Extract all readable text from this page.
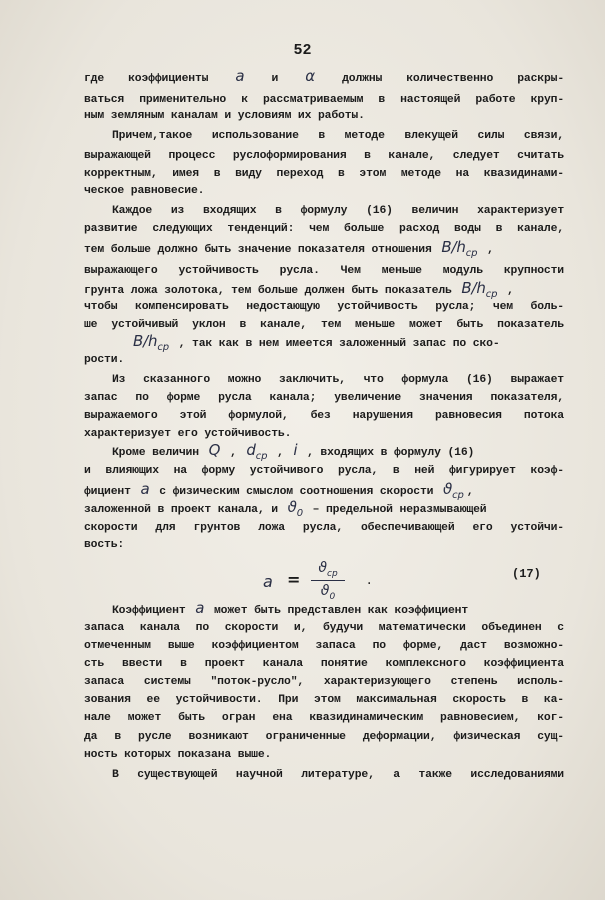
52
где коэффициенты a и α должны количественно раскры-
ваться применительно к рассматриваемым в настоящей работе круп-
ным земляным каналам и условиям их работы.
Причем,такое использование в методе влекущей силы связи,
выражающей процесс руслоформирования в канале, следует считать
корректным, имея в виду переход в этом методе на квазидинами-
ческое равновесие.
Каждое из входящих в формулу (16) величин характеризует
развитие следующих тенденций: чем больше расход воды в канале,
тем больше должно быть значение показателя отношения $B/h_{ср}$ ,
выражающего устойчивость русла. Чем меньше модуль крупности
грунта ложа золотока, тем больше должен быть показатель $B/h_{ср}$ ,
чтобы компенсировать недостающую устойчивость русла; чем боль-
ше устойчивый уклон в канале, тем меньше может быть показатель
$B/h_{ср}$ , так как в нем имеется заложенный запас по ско-
рости.
Из сказанного можно заключить, что формула (16) выражает
запас по форме русла канала; увеличение значения показателя,
выражаемого этой формулой, без нарушения равновесия потока
характеризует его устойчивость.
Кроме величин Q , $d_{ср}$ , i , входящих в формулу (16)
и влияющих на форму устойчивого русла, в ней фигурирует коэф-
фициент a с физическим смыслом соотношения скорости $ϑ_{ср}$ ,
заложенной в проект канала, и $ϑ_0$ – предельной неразмывающей
скорости для грунтов ложа русла, обеспечивающей его устойчи-
вость:
a =
$ϑ_{ср}$
$ϑ_0$
.	(17)
Коэффициент a может быть представлен как коэффициент
запаса канала по скорости и, будучи математически объединен с
отмеченным выше коэффициентом запаса по форме, даст возможно-
сть ввести в проект канала понятие комплексного коэффициента
запаса системы "поток-русло", характеризующего степень исполь-
зования ее устойчивости. При этом максимальная скорость в ка-
нале может быть огран ена квазидинамическим равновесием, ког-
да в русле возникают ограниченные деформации, физическая сущ-
ность которых показана выше.
В существующей научной литературе, а также исследованиями
